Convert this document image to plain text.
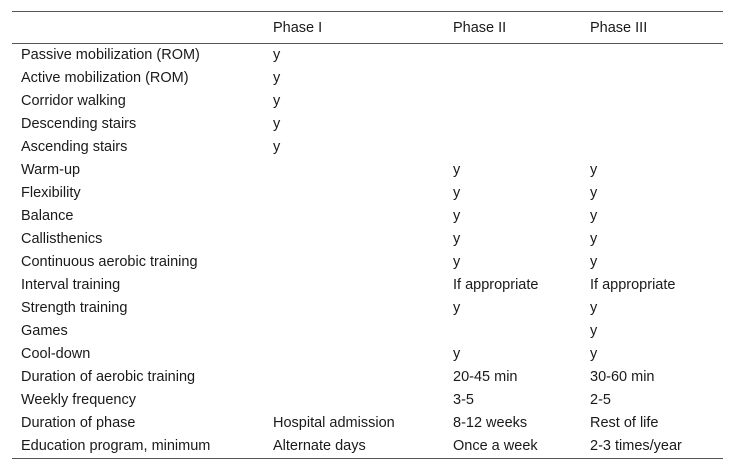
	Phase I	Phase II	Phase III
Passive mobilization (ROM)	y		
Active mobilization (ROM)	y		
Corridor walking	y		
Descending stairs	y		
Ascending stairs	y		
Warm-up		y	y
Flexibility		y	y
Balance		y	y
Callisthenics		y	y
Continuous aerobic training		y	y
Interval training		If appropriate	If appropriate
Strength training		y	y
Games			y
Cool-down		y	y
Duration of aerobic training		20-45 min	30-60 min
Weekly frequency		3-5	2-5
Duration of phase	Hospital admission	8-12 weeks	Rest of life
Education program, minimum	Alternate days	Once a week	2-3 times/year
